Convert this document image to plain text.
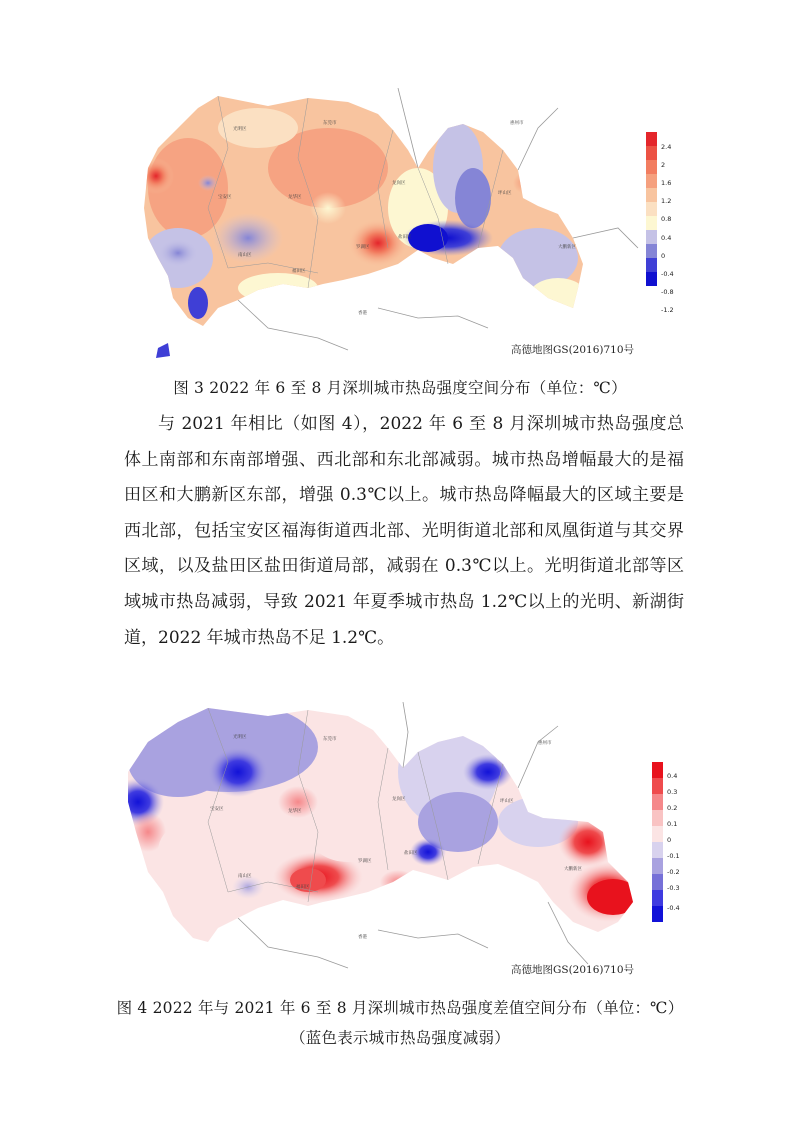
光明区
龙华区
东莞市	惠州市
坪山区
龙岗区
宝安区
南山区
福田区
罗湖区
盐田区
大鹏新区
香港
2.4
2
1.6
1.2
0.8
0.4
0
-0.4
-0.8
-1.2
高德地图GS(2016)710号
图 3 2022 年 6 至 8 月深圳城市热岛强度空间分布（单位：℃）

与 2021 年相比（如图 4），2022 年 6 至 8 月深圳城市热岛强度总体上南部和东南部增强、西北部和东北部减弱。城市热岛增幅最大的是福田区和大鹏新区东部，增强 0.3℃以上。城市热岛降幅最大的区域主要是西北部，包括宝安区福海街道西北部、光明街道北部和凤凰街道与其交界区域，以及盐田区盐田街道局部，减弱在 0.3℃以上。光明街道北部等区域城市热岛减弱，导致 2021 年夏季城市热岛 1.2℃以上的光明、新湖街道，2022 年城市热岛不足 1.2℃。

光明区
龙华区
东莞市
惠州市
坪山区
龙岗区
宝安区
南山区
福田区
罗湖区
盐田区
大鹏新区
香港
0.4
0.3
0.2
0.1
0
-0.1
-0.2
-0.3
-0.4
高德地图GS(2016)710号
图 4 2022 年与 2021 年 6 至 8 月深圳城市热岛强度差值空间分布（单位：℃）
（蓝色表示城市热岛强度减弱）
